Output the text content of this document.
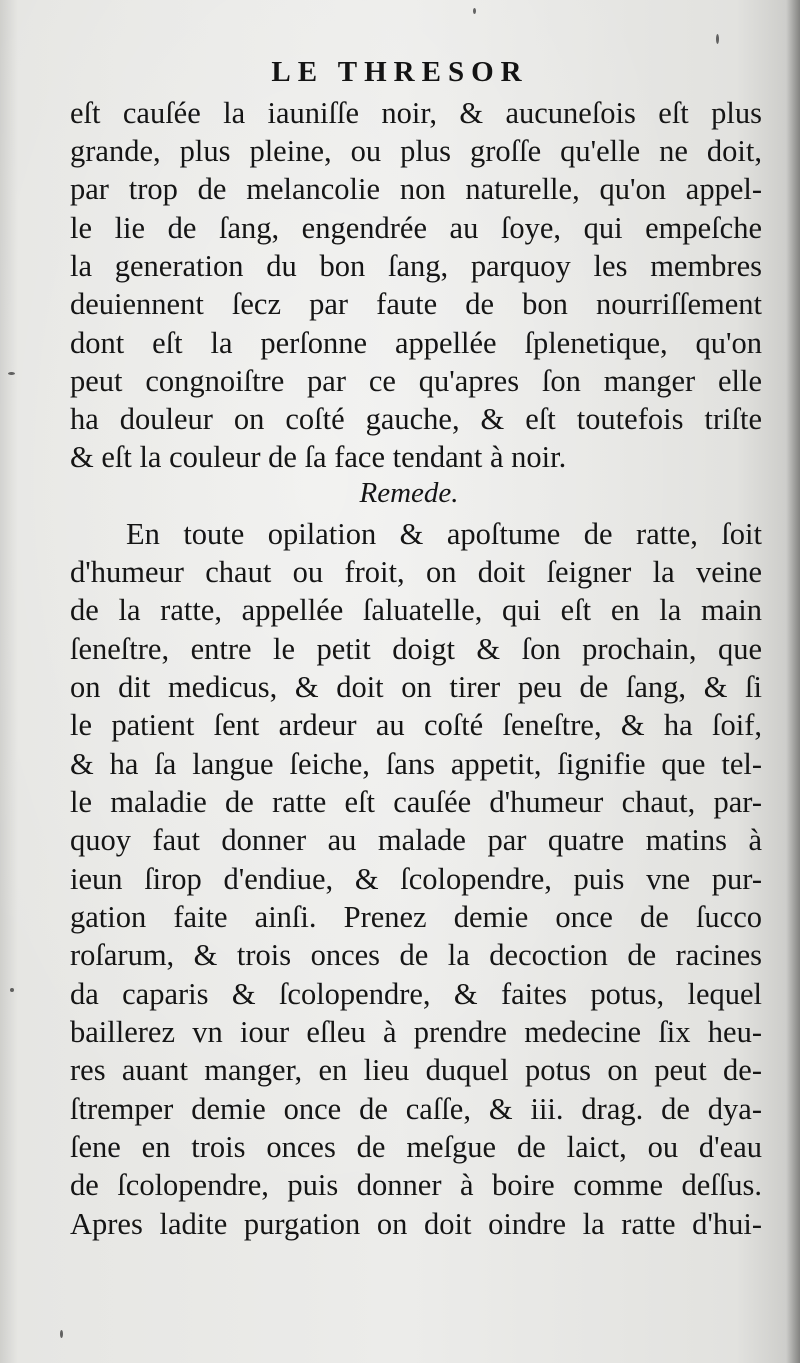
LE THRESOR
eſt cauſée la iauniſſe noir, & aucuneſois eſt plus
grande, plus pleine, ou plus groſſe qu'elle ne doit,
par trop de melancolie non naturelle, qu'on appel-
le lie de ſang, engendrée au ſoye, qui empeſche
la generation du bon ſang, parquoy les membres
deuiennent ſecz par faute de bon nourriſſement
dont eſt la perſonne appellée ſplenetique, qu'on
peut congnoiſtre par ce qu'apres ſon manger elle
ha douleur on coſté gauche, & eſt toutefois triſte
& eſt la couleur de ſa face tendant à noir.
Remede.
En toute opilation & apoſtume de ratte, ſoit
d'humeur chaut ou froit, on doit ſeigner la veine
de la ratte, appellée ſaluatelle, qui eſt en la main
ſeneſtre, entre le petit doigt & ſon prochain, que
on dit medicus, & doit on tirer peu de ſang, & ſi
le patient ſent ardeur au coſté ſeneſtre, & ha ſoif,
& ha ſa langue ſeiche, ſans appetit, ſignifie que tel-
le maladie de ratte eſt cauſée d'humeur chaut, par-
quoy faut donner au malade par quatre matins à
ieun ſirop d'endiue, & ſcolopendre, puis vne pur-
gation faite ainſi. Prenez demie once de ſucco
roſarum, & trois onces de la decoction de racines
da caparis & ſcolopendre, & faites potus, lequel
baillerez vn iour eſleu à prendre medecine ſix heu-
res auant manger, en lieu duquel potus on peut de-
ſtremper demie once de caſſe, & iii. drag. de dya-
ſene en trois onces de meſgue de laict, ou d'eau
de ſcolopendre, puis donner à boire comme deſſus.
Apres ladite purgation on doit oindre la ratte d'hui-
